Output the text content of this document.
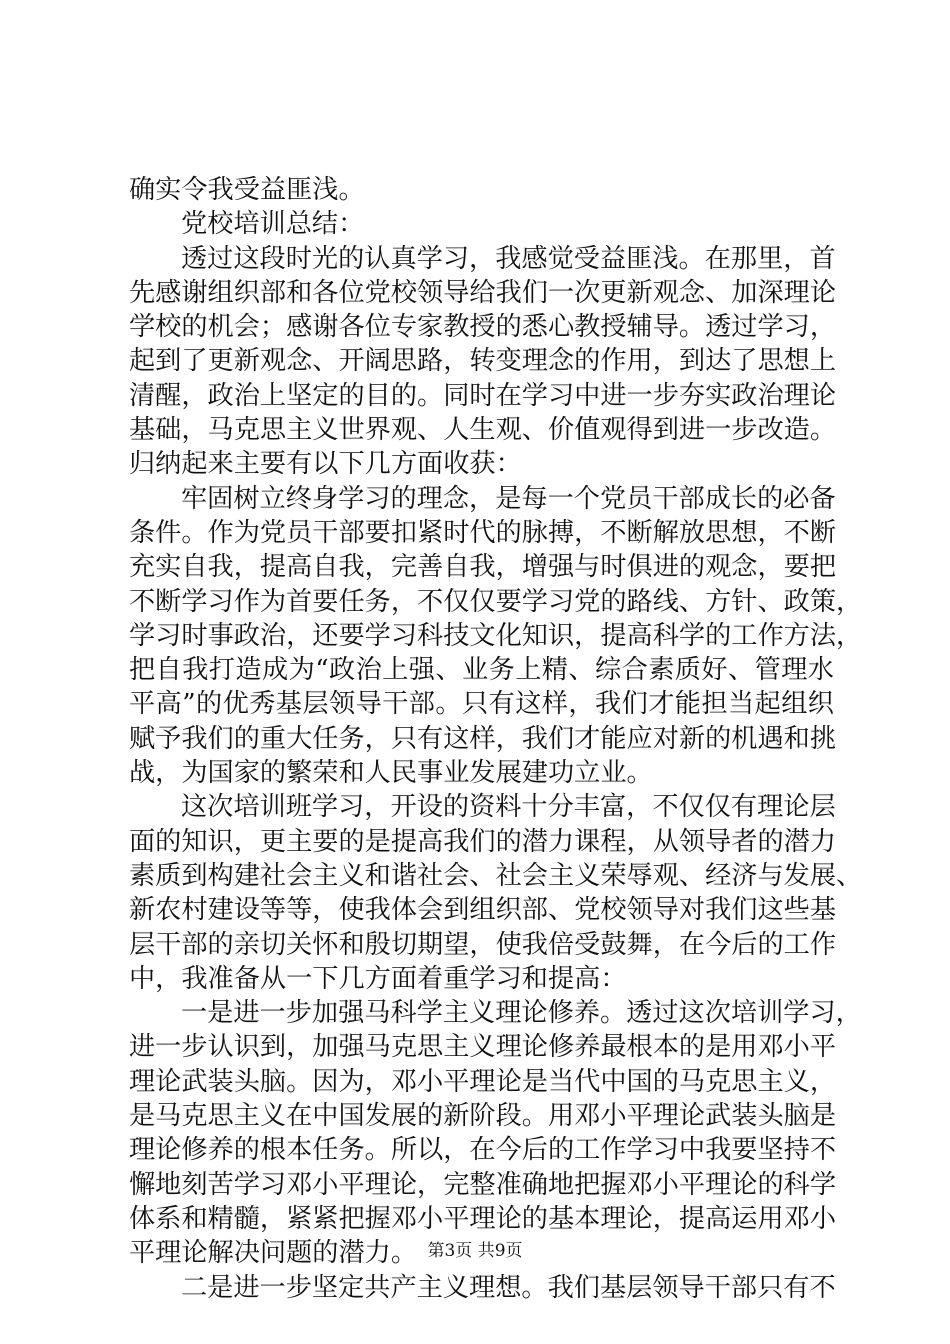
确实令我受益匪浅。
党校培训总结：
透过这段时光的认真学习，我感觉受益匪浅。在那里，首
先感谢组织部和各位党校领导给我们一次更新观念、加深理论
学校的机会；感谢各位专家教授的悉心教授辅导。透过学习，
起到了更新观念、开阔思路，转变理念的作用，到达了思想上
清醒，政治上坚定的目的。同时在学习中进一步夯实政治理论
基础，马克思主义世界观、人生观、价值观得到进一步改造。
归纳起来主要有以下几方面收获：
牢固树立终身学习的理念，是每一个党员干部成长的必备
条件。作为党员干部要扣紧时代的脉搏，不断解放思想，不断
充实自我，提高自我，完善自我，增强与时俱进的观念，要把
不断学习作为首要任务，不仅仅要学习党的路线、方针、政策，
学习时事政治，还要学习科技文化知识，提高科学的工作方法，
把自我打造成为“政治上强、业务上精、综合素质好、管理水
平高”的优秀基层领导干部。只有这样，我们才能担当起组织
赋予我们的重大任务，只有这样，我们才能应对新的机遇和挑
战，为国家的繁荣和人民事业发展建功立业。
这次培训班学习，开设的资料十分丰富，不仅仅有理论层
面的知识，更主要的是提高我们的潜力课程，从领导者的潜力
素质到构建社会主义和谐社会、社会主义荣辱观、经济与发展、
新农村建设等等，使我体会到组织部、党校领导对我们这些基
层干部的亲切关怀和殷切期望，使我倍受鼓舞，在今后的工作
中，我准备从一下几方面着重学习和提高：
一是进一步加强马科学主义理论修养。透过这次培训学习，
进一步认识到，加强马克思主义理论修养最根本的是用邓小平
理论武装头脑。因为，邓小平理论是当代中国的马克思主义，
是马克思主义在中国发展的新阶段。用邓小平理论武装头脑是
理论修养的根本任务。所以，在今后的工作学习中我要坚持不
懈地刻苦学习邓小平理论，完整准确地把握邓小平理论的科学
体系和精髓，紧紧把握邓小平理论的基本理论，提高运用邓小
平理论解决问题的潜力。
二是进一步坚定共产主义理想。我们基层领导干部只有不
第3页 共9页
